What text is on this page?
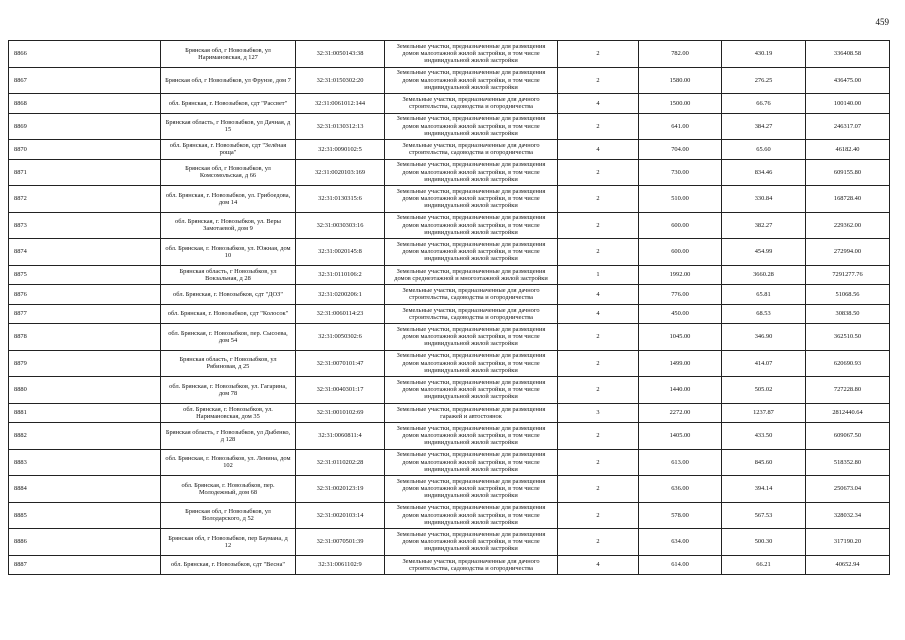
459
8866	Брянская обл, г Новозыбков, ул Наримановская, д 127	32:31:0050143:38	Земельные участки, предназначенные для размещения домов малоэтажной жилой застройки, в том числе индивидуальной жилой застройки	2	782.00	430.19	336408.58
8867	Брянская обл, г Новозыбков, ул Фрунзе, дом 7	32:31:0150302:20	Земельные участки, предназначенные для размещения домов малоэтажной жилой застройки, в том числе индивидуальной жилой застройки	2	1580.00	276.25	436475.00
8868	обл. Брянская, г. Новозыбков, сдт "Рассвет"	32:31:0061012:144	Земельные участки, предназначенные для дачного строительства, садоводства и огородничества	4	1500.00	66.76	100140.00
8869	Брянская область, г Новозыбков, ул Дачная, д 15	32:31:0130312:13	Земельные участки, предназначенные для размещения домов малоэтажной жилой застройки, в том числе индивидуальной жилой застройки	2	641.00	384.27	246317.07
8870	обл. Брянская, г. Новозыбков, сдт "Зелёная роща"	32:31:0090102:5	Земельные участки, предназначенные для дачного строительства, садоводства и огородничества	4	704.00	65.60	46182.40
8871	Брянская обл, г Новозыбков, ул Комсомольская, д 66	32:31:0020103:169	Земельные участки, предназначенные для размещения домов малоэтажной жилой застройки, в том числе индивидуальной жилой застройки	2	730.00	834.46	609155.80
8872	обл. Брянская, г. Новозыбков, ул. Грибоедова, дом 14	32:31:0130315:6	Земельные участки, предназначенные для размещения домов малоэтажной жилой застройки, в том числе индивидуальной жилой застройки	2	510.00	330.84	168728.40
8873	обл. Брянская, г. Новозыбков, ул. Веры Замотаевой, дом 9	32:31:0030303:16	Земельные участки, предназначенные для размещения домов малоэтажной жилой застройки, в том числе индивидуальной жилой застройки	2	600.00	382.27	229362.00
8874	обл. Брянская, г. Новозыбков, ул. Южная, дом 10	32:31:0020145:8	Земельные участки, предназначенные для размещения домов малоэтажной жилой застройки, в том числе индивидуальной жилой застройки	2	600.00	454.99	272994.00
8875	Брянская область, г Новозыбков, ул Вокзальная, д 28	32:31:0110106:2	Земельные участки, предназначенные для размещения домов среднеэтажной и многоэтажной жилой застройки	1	1992.00	3660.28	7291277.76
8876	обл. Брянская, г. Новозыбков, сдт "ДОЗ"	32:31:0200206:1	Земельные участки, предназначенные для дачного строительства, садоводства и огородничества	4	776.00	65.81	51068.56
8877	обл. Брянская, г. Новозыбков, сдт "Колосок"	32:31:0060114:23	Земельные участки, предназначенные для дачного строительства, садоводства и огородничества	4	450.00	68.53	30838.50
8878	обл. Брянская, г. Новозыбков, пер. Сысоева, дом 54	32:31:0050302:6	Земельные участки, предназначенные для размещения домов малоэтажной жилой застройки, в том числе индивидуальной жилой застройки	2	1045.00	346.90	362510.50
8879	Брянская область, г Новозыбков, ул Рябиновая, д 25	32:31:0070101:47	Земельные участки, предназначенные для размещения домов малоэтажной жилой застройки, в том числе индивидуальной жилой застройки	2	1499.00	414.07	620690.93
8880	обл. Брянская, г. Новозыбков, ул. Гагарина, дом 78	32:31:0040301:17	Земельные участки, предназначенные для размещения домов малоэтажной жилой застройки, в том числе индивидуальной жилой застройки	2	1440.00	505.02	727228.80
8881	обл. Брянская, г. Новозыбков, ул. Наримановская, дом 35	32:31:0010102:69	Земельные участки, предназначенные для размещения гаражей и автостоянок	3	2272.00	1237.87	2812440.64
8882	Брянская область, г Новозыбков, ул Дыбенко, д 128	32:31:0060811:4	Земельные участки, предназначенные для размещения домов малоэтажной жилой застройки, в том числе индивидуальной жилой застройки	2	1405.00	433.50	609067.50
8883	обл. Брянская, г. Новозыбков, ул. Ленина, дом 102	32:31:0110202:28	Земельные участки, предназначенные для размещения домов малоэтажной жилой застройки, в том числе индивидуальной жилой застройки	2	613.00	845.60	518352.80
8884	обл. Брянская, г. Новозыбков, пер. Молодежный, дом 68	32:31:0020123:19	Земельные участки, предназначенные для размещения домов малоэтажной жилой застройки, в том числе индивидуальной жилой застройки	2	636.00	394.14	250673.04
8885	Брянская обл, г Новозыбков, ул Володарского, д 52	32:31:0020103:14	Земельные участки, предназначенные для размещения домов малоэтажной жилой застройки, в том числе индивидуальной жилой застройки	2	578.00	567.53	328032.34
8886	Брянская обл, г Новозыбков, пер Баумана, д 12	32:31:0070501:39	Земельные участки, предназначенные для размещения домов малоэтажной жилой застройки, в том числе индивидуальной жилой застройки	2	634.00	500.30	317190.20
8887	обл. Брянская, г. Новозыбков, сдт "Весна"	32:31:0061102:9	Земельные участки, предназначенные для дачного строительства, садоводства и огородничества	4	614.00	66.21	40652.94
